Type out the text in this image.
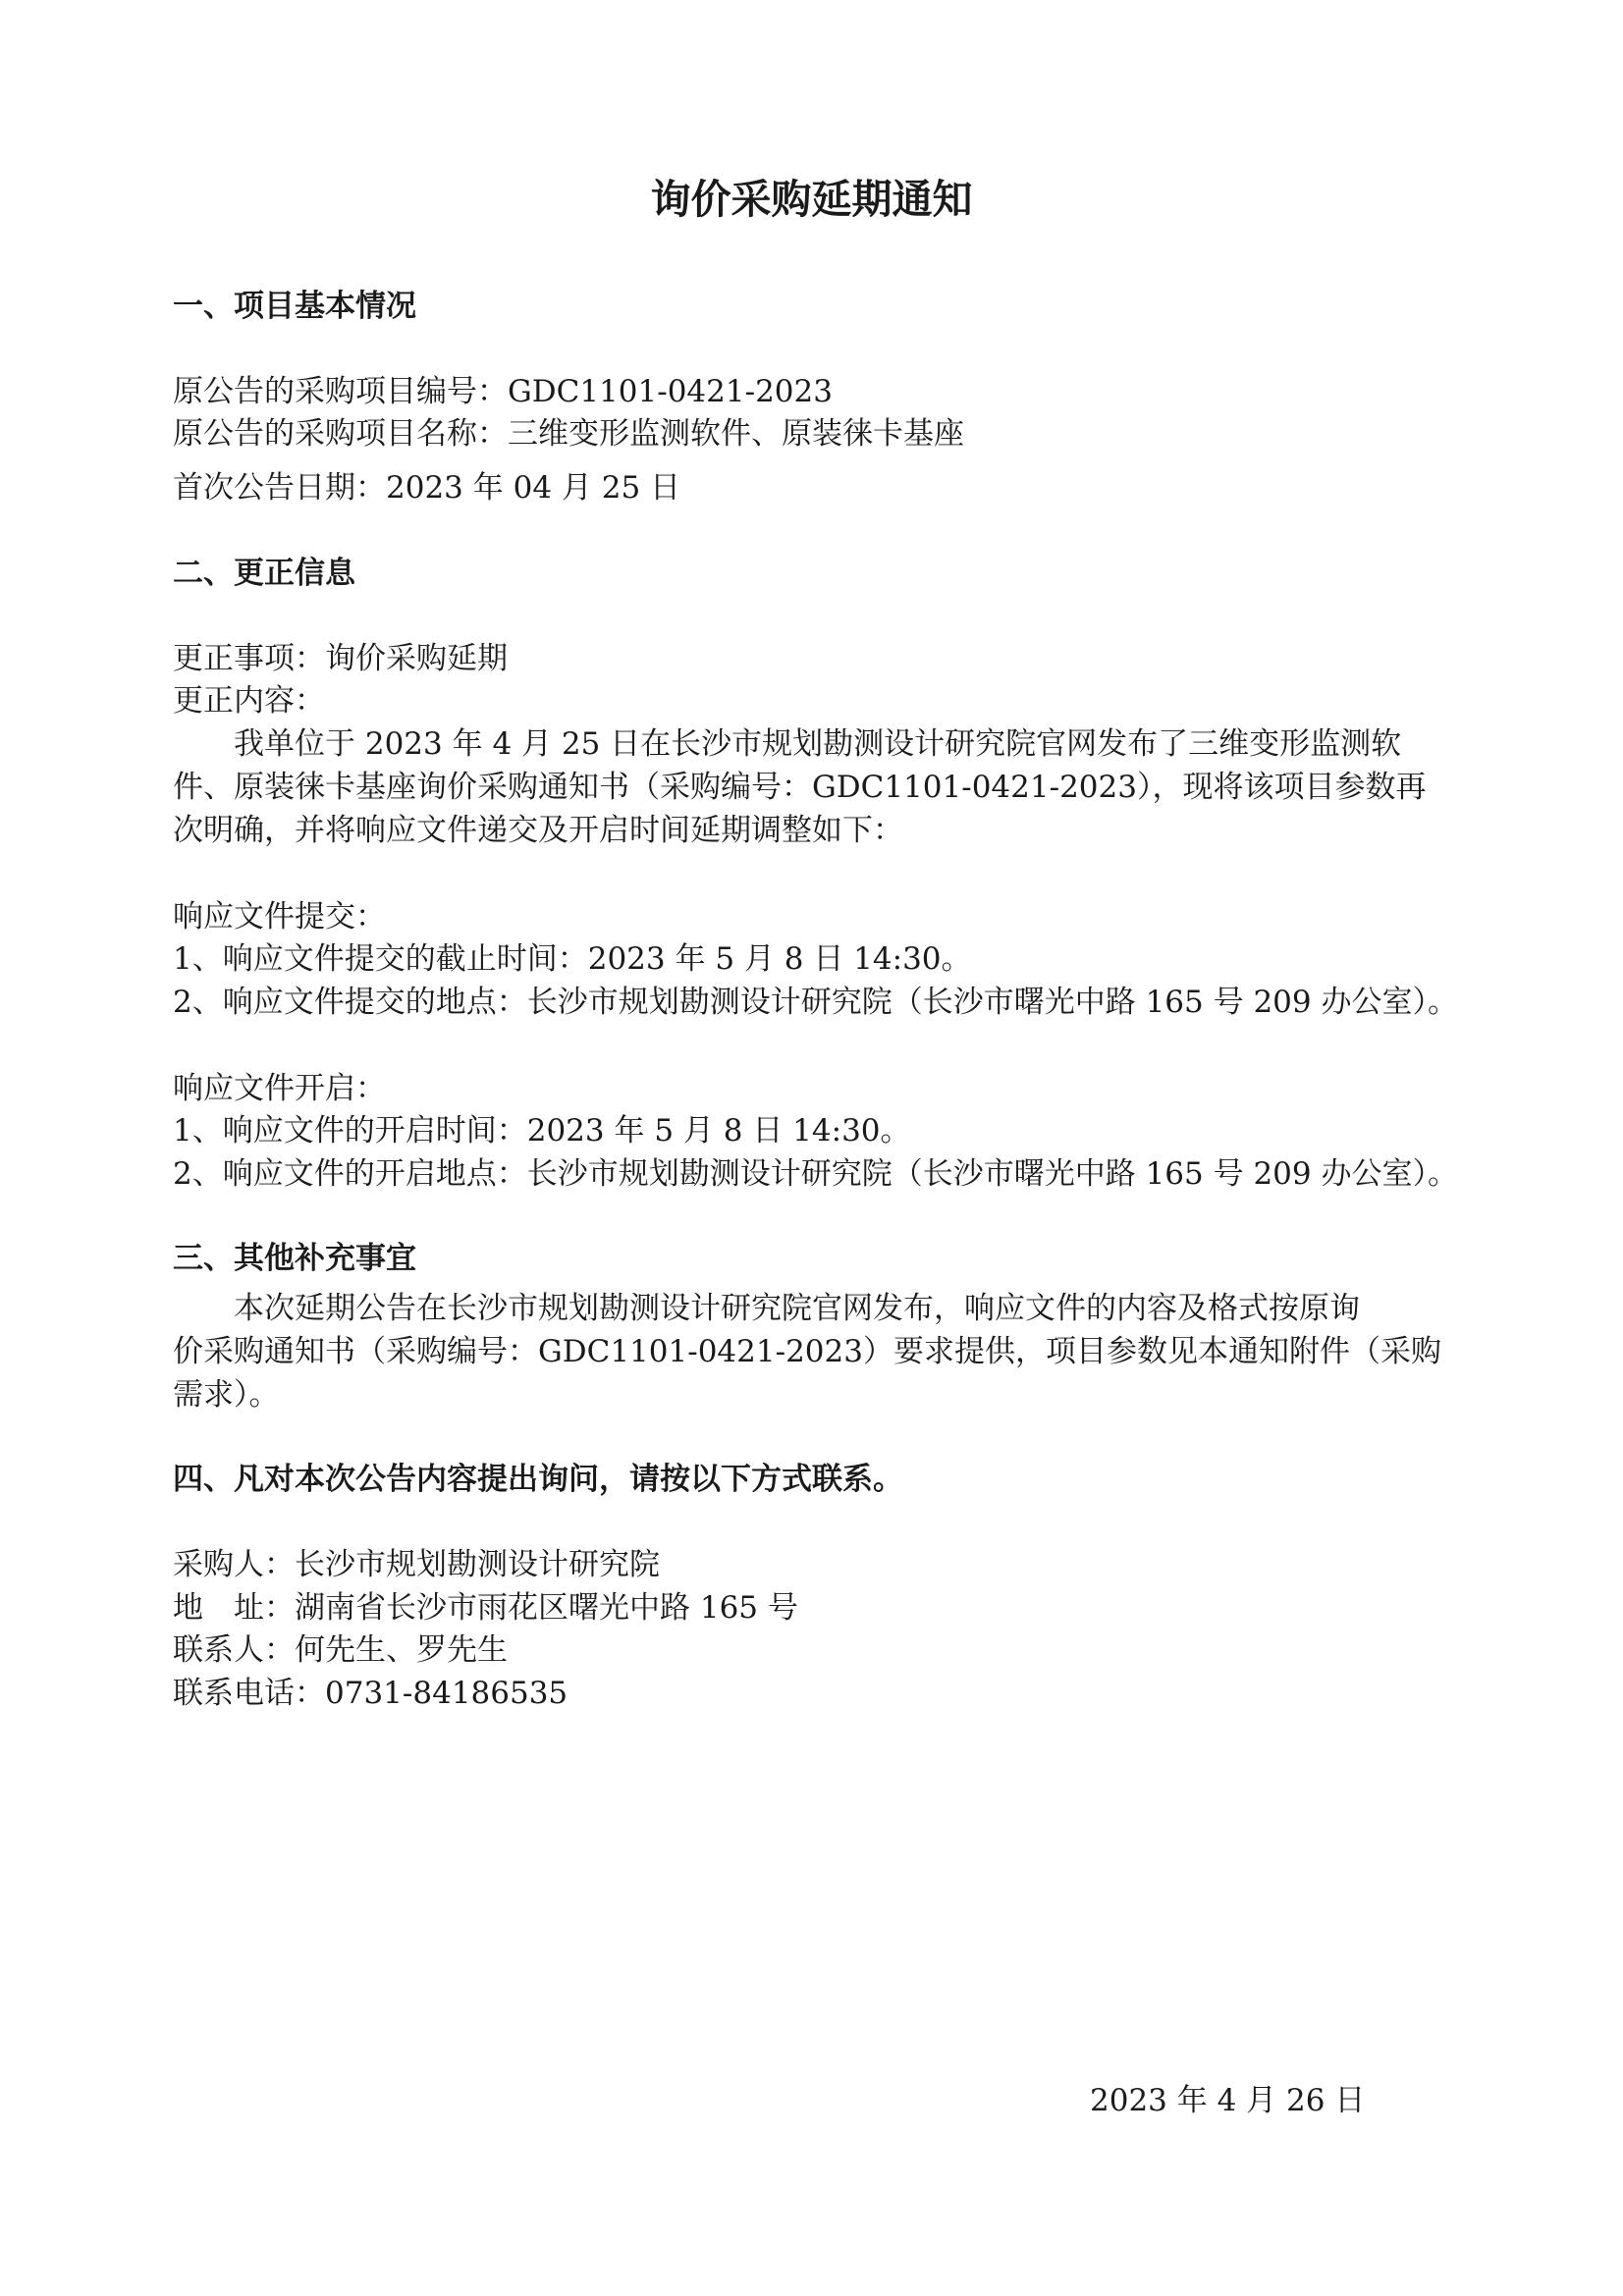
询价采购延期通知
一、项目基本情况
原公告的采购项目编号：GDC1101-0421-2023
原公告的采购项目名称：三维变形监测软件、原装徕卡基座
首次公告日期：2023 年 04 月 25 日
二、更正信息
更正事项：询价采购延期
更正内容：
我单位于 2023 年 4 月 25 日在长沙市规划勘测设计研究院官网发布了三维变形监测软
件、原装徕卡基座询价采购通知书（采购编号：GDC1101-0421-2023），现将该项目参数再
次明确，并将响应文件递交及开启时间延期调整如下：
响应文件提交：
1、响应文件提交的截止时间：2023 年 5 月 8 日 14:30。
2、响应文件提交的地点：长沙市规划勘测设计研究院（长沙市曙光中路 165 号 209 办公室）。
响应文件开启：
1、响应文件的开启时间：2023 年 5 月 8 日 14:30。
2、响应文件的开启地点：长沙市规划勘测设计研究院（长沙市曙光中路 165 号 209 办公室）。
三、其他补充事宜
本次延期公告在长沙市规划勘测设计研究院官网发布，响应文件的内容及格式按原询
价采购通知书（采购编号：GDC1101-0421-2023）要求提供，项目参数见本通知附件（采购
需求）。
四、凡对本次公告内容提出询问，请按以下方式联系。
采购人：长沙市规划勘测设计研究院
地　址：湖南省长沙市雨花区曙光中路 165 号
联系人：何先生、罗先生
联系电话：0731-84186535
2023 年 4 月 26 日
